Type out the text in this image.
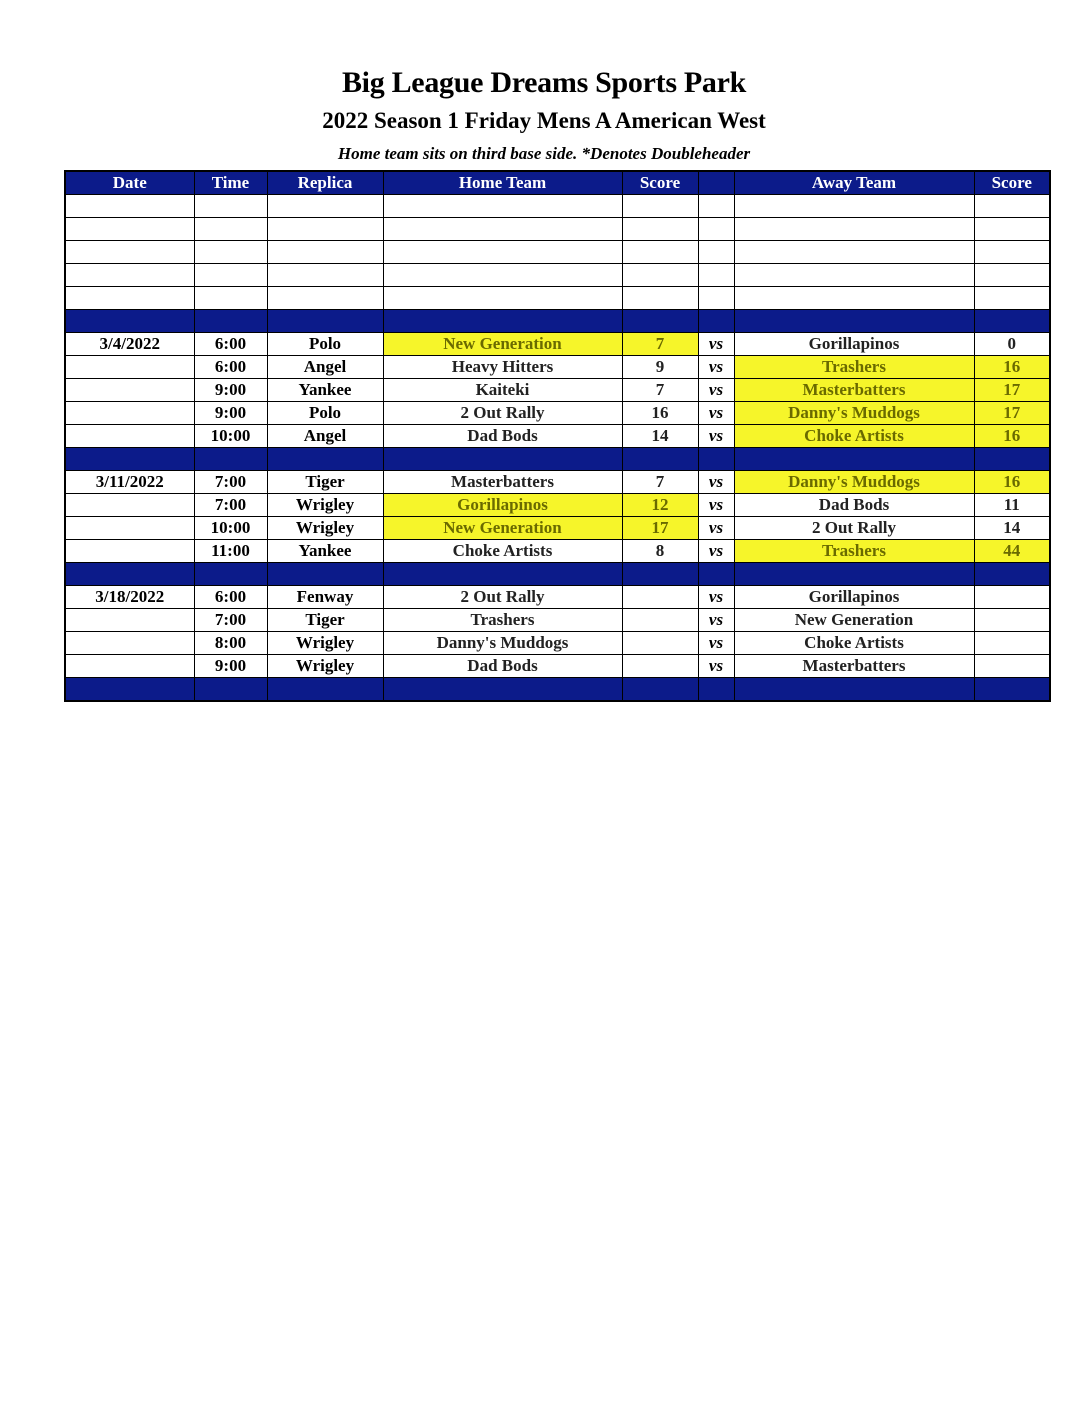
Big League Dreams Sports Park
2022 Season 1 Friday Mens A American West
Home team sits on third base side. *Denotes Doubleheader
Date	Time	Replica	Home Team	Score		Away Team	Score

3/4/2022	6:00	Polo	New Generation	7	vs	Gorillapinos	0
	6:00	Angel	Heavy Hitters	9	vs	Trashers	16
	9:00	Yankee	Kaiteki	7	vs	Masterbatters	17
	9:00	Polo	2 Out Rally	16	vs	Danny's Muddogs	17
	10:00	Angel	Dad Bods	14	vs	Choke Artists	16

3/11/2022	7:00	Tiger	Masterbatters	7	vs	Danny's Muddogs	16
	7:00	Wrigley	Gorillapinos	12	vs	Dad Bods	11
	10:00	Wrigley	New Generation	17	vs	2 Out Rally	14
	11:00	Yankee	Choke Artists	8	vs	Trashers	44

3/18/2022	6:00	Fenway	2 Out Rally		vs	Gorillapinos	
	7:00	Tiger	Trashers		vs	New Generation	
	8:00	Wrigley	Danny's Muddogs		vs	Choke Artists	
	9:00	Wrigley	Dad Bods		vs	Masterbatters	
